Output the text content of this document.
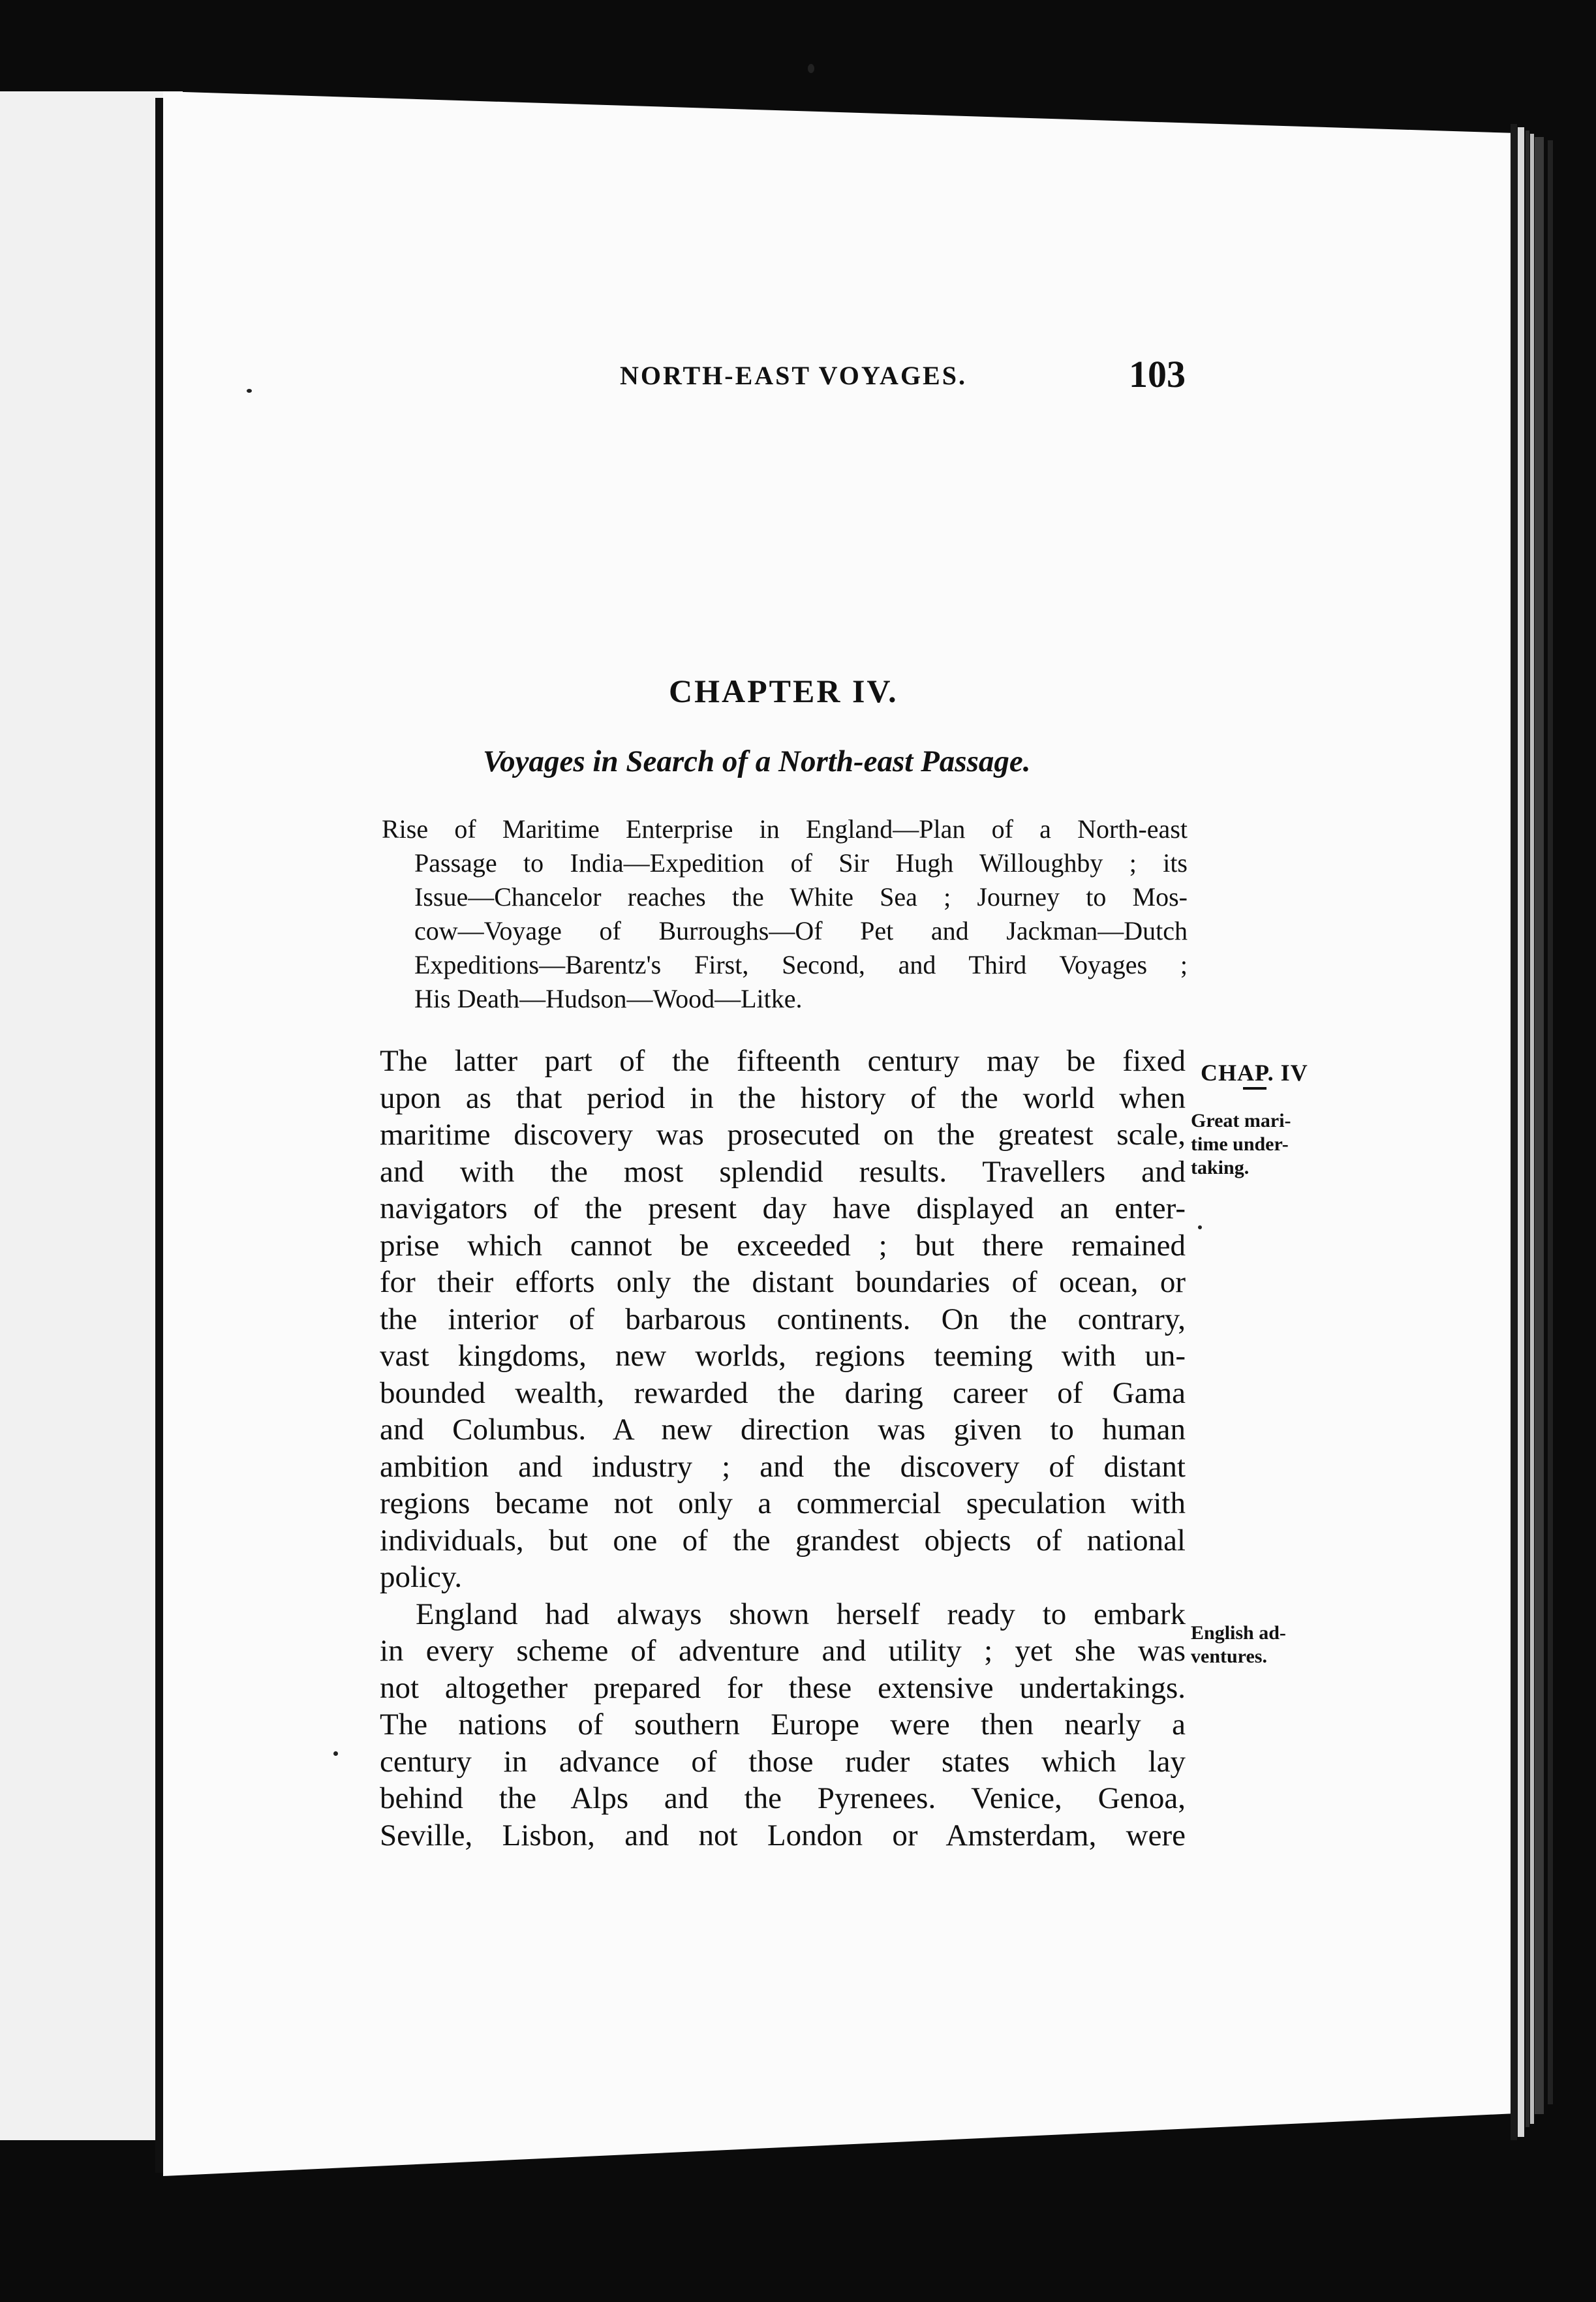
NORTH-EAST VOYAGES.	103
CHAPTER IV.
Voyages in Search of a North-east Passage.
Rise of Maritime Enterprise in England—Plan of a North-east
Passage to India—Expedition of Sir Hugh Willoughby ; its
Issue—Chancelor reaches the White Sea ; Journey to Mos-
cow—Voyage of Burroughs—Of Pet and Jackman—Dutch
Expeditions—Barentz's First, Second, and Third Voyages ;
His Death—Hudson—Wood—Litke.
The latter part of the fifteenth century may be fixed
upon as that period in the history of the world when
maritime discovery was prosecuted on the greatest scale,
and with the most splendid results. Travellers and
navigators of the present day have displayed an enter-
prise which cannot be exceeded ; but there remained
for their efforts only the distant boundaries of ocean, or
the interior of barbarous continents. On the contrary,
vast kingdoms, new worlds, regions teeming with un-
bounded wealth, rewarded the daring career of Gama
and Columbus. A new direction was given to human
ambition and industry ; and the discovery of distant
regions became not only a commercial speculation with
individuals, but one of the grandest objects of national
policy.
England had always shown herself ready to embark
in every scheme of adventure and utility ; yet she was
not altogether prepared for these extensive undertakings.
The nations of southern Europe were then nearly a
century in advance of those ruder states which lay
behind the Alps and the Pyrenees. Venice, Genoa,
Seville, Lisbon, and not London or Amsterdam, were
CHAP. IV
Great mari-
time under-
taking.
English ad-
ventures.
